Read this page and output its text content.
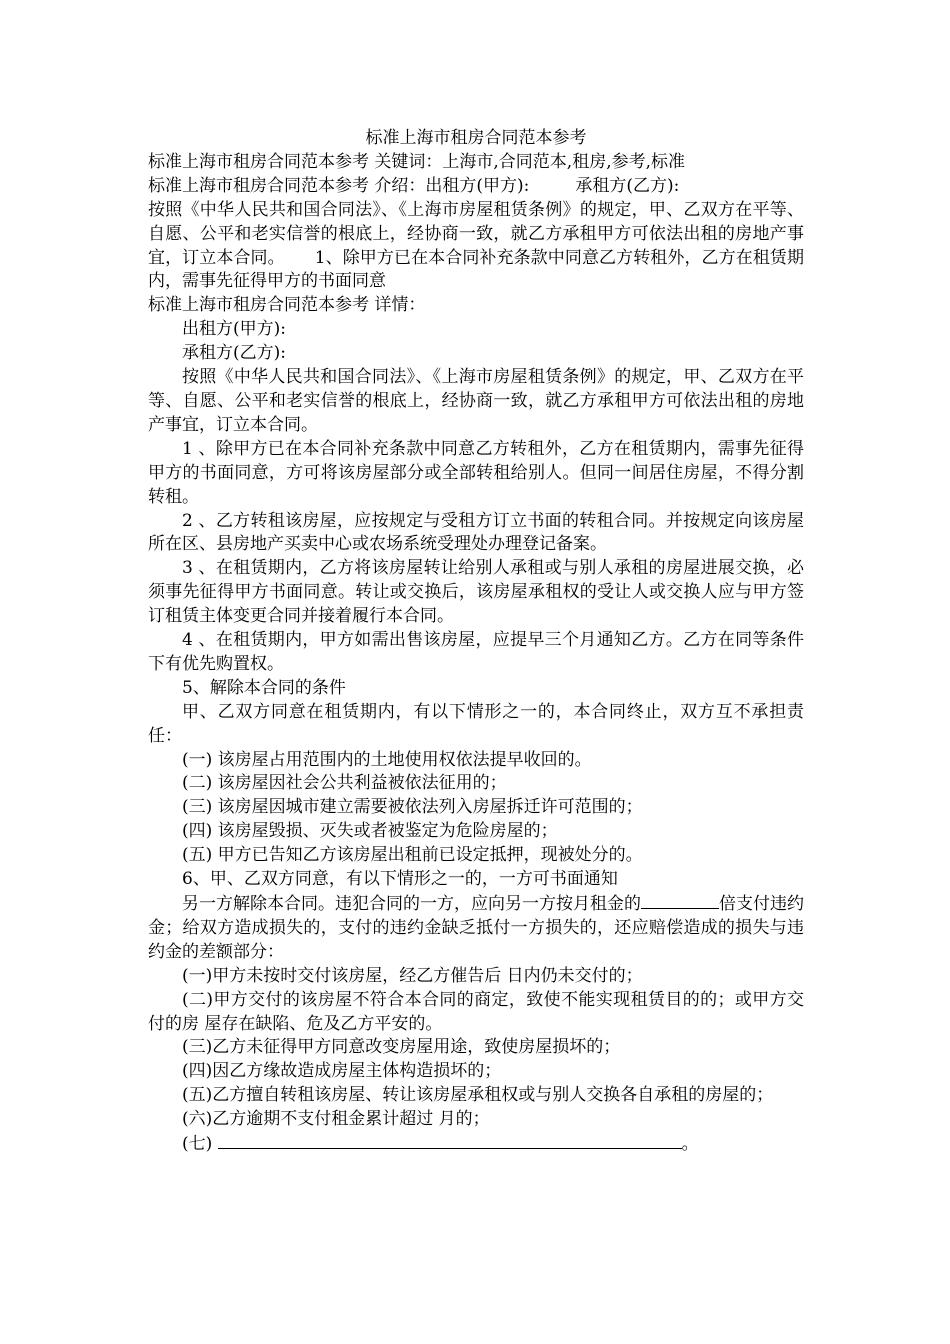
标准上海市租房合同范本参考

标准上海市租房合同范本参考 关键词：上海市,合同范本,租房,参考,标准

标准上海市租房合同范本参考 介绍：出租方(甲方):	承租方(乙方):
按照《中华人民共和国合同法》、《上海市房屋租赁条例》的规定，甲、乙双方在平等、自愿、公平和老实信誉的根底上，经协商一致，就乙方承租甲方可依法出租的房地产事宜，订立本合同。 1、除甲方已在本合同补充条款中同意乙方转租外，乙方在租赁期内，需事先征得甲方的书面同意

标准上海市租房合同范本参考 详情：

出租方(甲方):

承租方(乙方):

按照《中华人民共和国合同法》、《上海市房屋租赁条例》的规定，甲、乙双方在平等、自愿、公平和老实信誉的根底上，经协商一致，就乙方承租甲方可依法出租的房地产事宜，订立本合同。

1 、除甲方已在本合同补充条款中同意乙方转租外，乙方在租赁期内，需事先征得甲方的书面同意，方可将该房屋部分或全部转租给别人。但同一间居住房屋，不得分割转租。

2 、乙方转租该房屋，应按规定与受租方订立书面的转租合同。并按规定向该房屋所在区、县房地产买卖中心或农场系统受理处办理登记备案。

3 、在租赁期内，乙方将该房屋转让给别人承租或与别人承租的房屋进展交换，必须事先征得甲方书面同意。转让或交换后，该房屋承租权的受让人或交换人应与甲方签订租赁主体变更合同并接着履行本合同。

4 、在租赁期内，甲方如需出售该房屋，应提早三个月通知乙方。乙方在同等条件下有优先购置权。

5、解除本合同的条件

甲、乙双方同意在租赁期内，有以下情形之一的，本合同终止，双方互不承担责任：

(一) 该房屋占用范围内的土地使用权依法提早收回的。

(二) 该房屋因社会公共利益被依法征用的；

(三) 该房屋因城市建立需要被依法列入房屋拆迁许可范围的；

(四) 该房屋毁损、灭失或者被鉴定为危险房屋的；

(五) 甲方已告知乙方该房屋出租前已设定抵押，现被处分的。

6、甲、乙双方同意，有以下情形之一的，一方可书面通知

另一方解除本合同。违犯合同的一方，应向另一方按月租金的	倍支付违约金；给双方造成损失的，支付的违约金缺乏抵付一方损失的，还应赔偿造成的损失与违约金的差额部分：

(一)甲方未按时交付该房屋，经乙方催告后 日内仍未交付的；

(二)甲方交付的该房屋不符合本合同的商定，致使不能实现租赁目的的；或甲方交付的房 屋存在缺陷、危及乙方平安的。

(三)乙方未征得甲方同意改变房屋用途，致使房屋损坏的；

(四)因乙方缘故造成房屋主体构造损坏的；

(五)乙方擅自转租该房屋、转让该房屋承租权或与别人交换各自承租的房屋的；

(六)乙方逾期不支付租金累计超过 月的；

(七)	。
